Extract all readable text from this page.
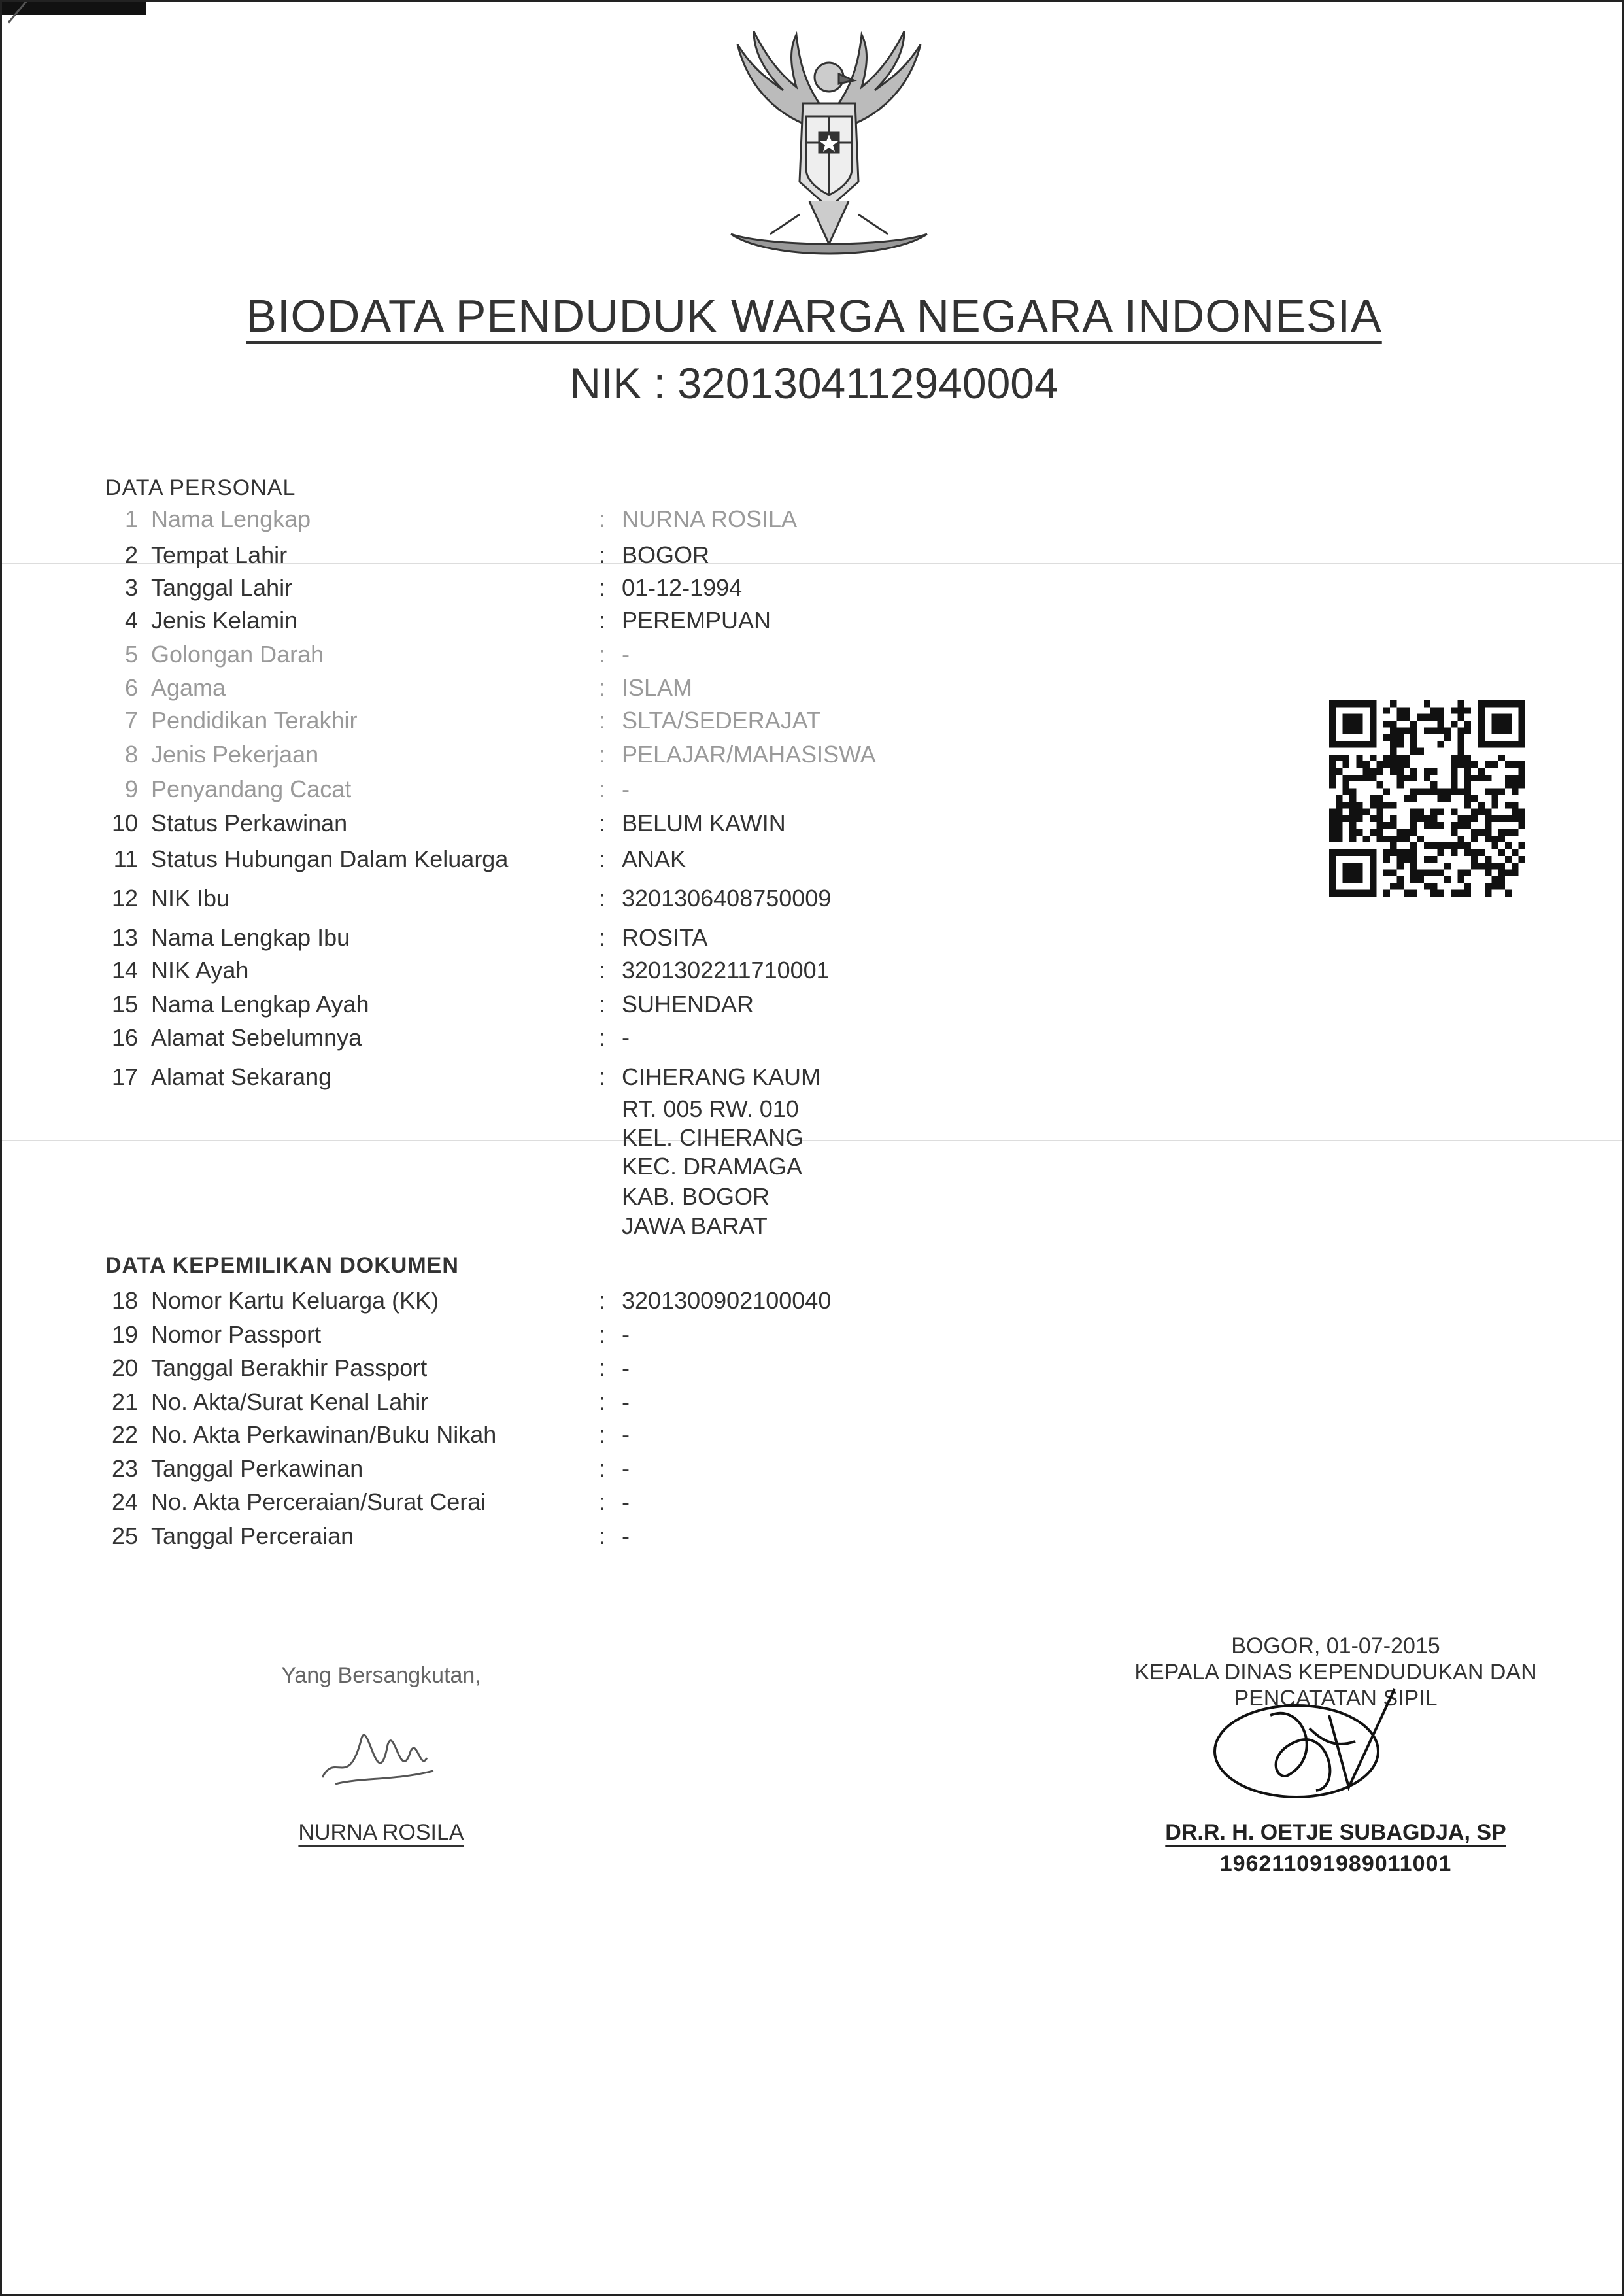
BIODATA PENDUDUK WARGA NEGARA INDONESIA
NIK : 3201304112940004
DATA PERSONAL
1 Nama Lengkap	: NURNA ROSILA
2 Tempat Lahir	: BOGOR
3 Tanggal Lahir	: 01-12-1994
4 Jenis Kelamin	: PEREMPUAN
5 Golongan Darah	: -
6 Agama	: ISLAM
7 Pendidikan Terakhir	: SLTA/SEDERAJAT
8 Jenis Pekerjaan	: PELAJAR/MAHASISWA
9 Penyandang Cacat	: -
10 Status Perkawinan	: BELUM KAWIN
11 Status Hubungan Dalam Keluarga	: ANAK
12 NIK Ibu	: 3201306408750009
13 Nama Lengkap Ibu	: ROSITA
14 NIK Ayah	: 3201302211710001
15 Nama Lengkap Ayah	: SUHENDAR
16 Alamat Sebelumnya	: -
17 Alamat Sekarang	: CIHERANG KAUM
RT. 005 RW. 010
KEL. CIHERANG
KEC. DRAMAGA
KAB. BOGOR
JAWA BARAT
DATA KEPEMILIKAN DOKUMEN
18 Nomor Kartu Keluarga (KK)	: 3201300902100040
19 Nomor Passport	: -
20 Tanggal Berakhir Passport	: -
21 No. Akta/Surat Kenal Lahir	: -
22 No. Akta Perkawinan/Buku Nikah	: -
23 Tanggal Perkawinan	: -
24 No. Akta Perceraian/Surat Cerai	: -
25 Tanggal Perceraian	: -
Yang Bersangkutan,
NURNA ROSILA
BOGOR, 01-07-2015
KEPALA DINAS KEPENDUDUKAN DAN
PENCATATAN SIPIL
DR.R. H. OETJE SUBAGDJA, SP
196211091989011001
